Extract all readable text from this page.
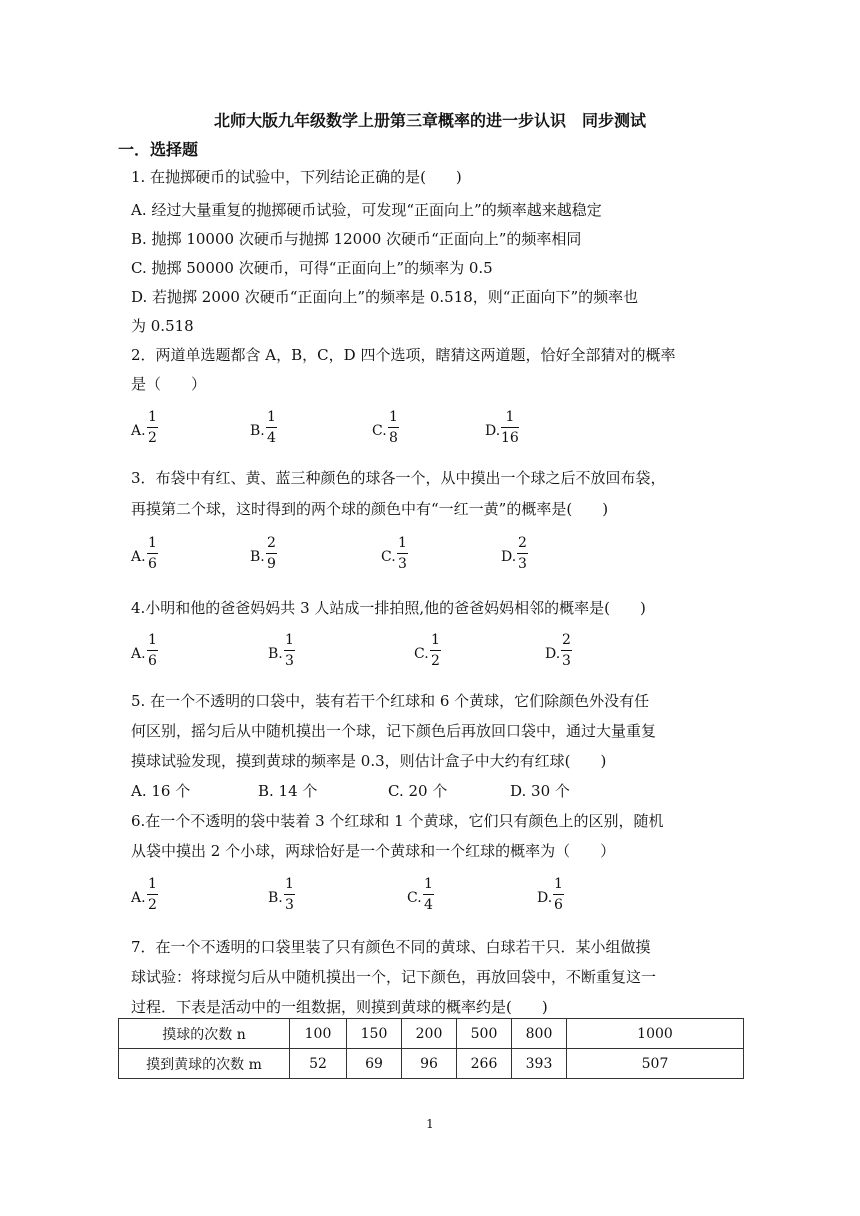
北师大版九年级数学上册第三章概率的进一步认识　同步测试
一．选择题
1. 在抛掷硬币的试验中，下列结论正确的是(　　)
A. 经过大量重复的抛掷硬币试验，可发现“正面向上”的频率越来越稳定
B. 抛掷 10000 次硬币与抛掷 12000 次硬币“正面向上”的频率相同
C. 抛掷 50000 次硬币，可得“正面向上”的频率为 0.5
D. 若抛掷 2000 次硬币“正面向上”的频率是 0.518，则“正面向下”的频率也
为 0.518
2．两道单选题都含 A，B，C，D 四个选项，瞎猜这两道题，恰好全部猜对的概率
是（　　）
A.
1
2	B.
1
4	C.
1
8	D.
1
16
3．布袋中有红、黄、蓝三种颜色的球各一个，从中摸出一个球之后不放回布袋，
再摸第二个球，这时得到的两个球的颜色中有“一红一黄”的概率是(　　)
A.
1
6	B.
2
9	C.
1
3	D.
2
3
4.小明和他的爸爸妈妈共 3 人站成一排拍照,他的爸爸妈妈相邻的概率是(　　)
A.
1
6	B.
1
3	C.
1
2	D.
2
3
5. 在一个不透明的口袋中，装有若干个红球和 6 个黄球，它们除颜色外没有任
何区别，摇匀后从中随机摸出一个球，记下颜色后再放回口袋中，通过大量重复
摸球试验发现，摸到黄球的频率是 0.3，则估计盒子中大约有红球(　　)
A. 16 个	B. 14 个	C. 20 个	D. 30 个
6.在一个不透明的袋中装着 3 个红球和 1 个黄球，它们只有颜色上的区别，随机
从袋中摸出 2 个小球，两球恰好是一个黄球和一个红球的概率为（　　）
A.
1
2	B.
1
3	C.
1
4	D.
1
6
7．在一个不透明的口袋里装了只有颜色不同的黄球、白球若干只．某小组做摸
球试验：将球搅匀后从中随机摸出一个，记下颜色，再放回袋中，不断重复这一
过程．下表是活动中的一组数据，则摸到黄球的概率约是(　　)
摸球的次数 n	100	150	200	500	800	1000
摸到黄球的次数 m	52	69	96	266	393	507
1
